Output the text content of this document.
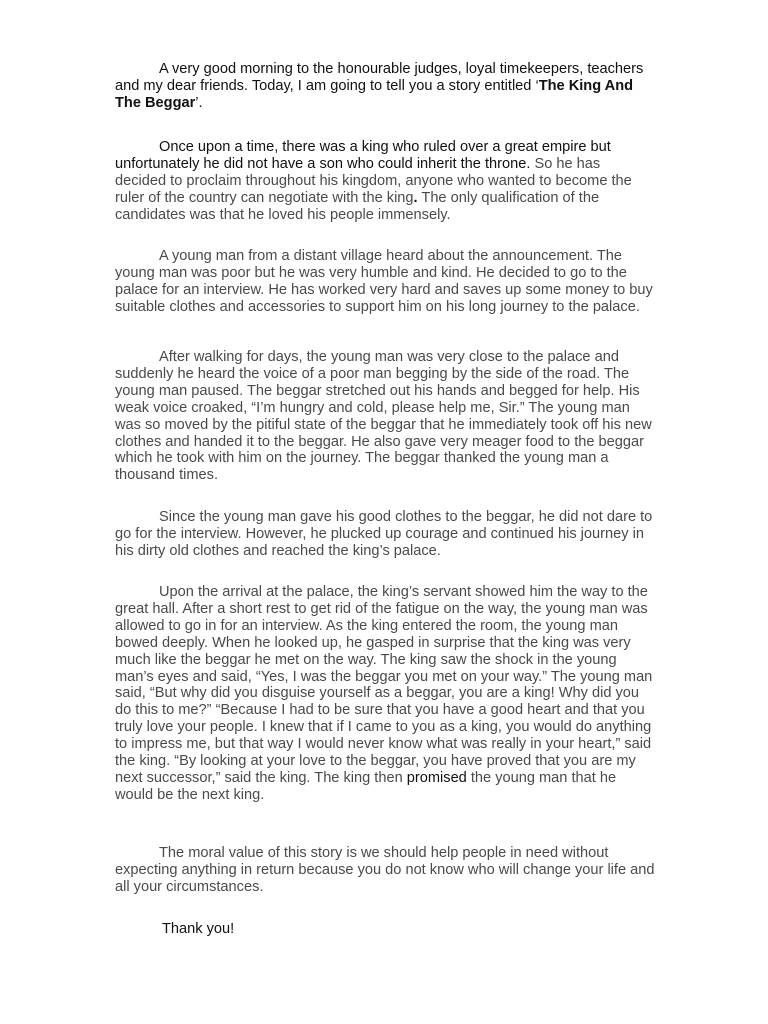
A very good morning to the honourable judges, loyal timekeepers, teachers and my dear friends. Today, I am going to tell you a story entitled ‘The King And The Beggar’.

Once upon a time, there was a king who ruled over a great empire but unfortunately he did not have a son who could inherit the throne. So he has decided to proclaim throughout his kingdom, anyone who wanted to become the ruler of the country can negotiate with the king. The only qualification of the candidates was that he loved his people immensely.

A young man from a distant village heard about the announcement. The young man was poor but he was very humble and kind. He decided to go to the palace for an interview. He has worked very hard and saves up some money to buy suitable clothes and accessories to support him on his long journey to the palace.

After walking for days, the young man was very close to the palace and suddenly he heard the voice of a poor man begging by the side of the road. The young man paused. The beggar stretched out his hands and begged for help. His weak voice croaked, “I’m hungry and cold, please help me, Sir.” The young man was so moved by the pitiful state of the beggar that he immediately took off his new clothes and handed it to the beggar. He also gave very meager food to the beggar which he took with him on the journey. The beggar thanked the young man a thousand times.

Since the young man gave his good clothes to the beggar, he did not dare to go for the interview. However, he plucked up courage and continued his journey in his dirty old clothes and reached the king’s palace.

Upon the arrival at the palace, the king’s servant showed him the way to the great hall. After a short rest to get rid of the fatigue on the way, the young man was allowed to go in for an interview. As the king entered the room, the young man bowed deeply. When he looked up, he gasped in surprise that the king was very much like the beggar he met on the way. The king saw the shock in the young man’s eyes and said, “Yes, I was the beggar you met on your way.” The young man said, “But why did you disguise yourself as a beggar, you are a king! Why did you do this to me?” “Because I had to be sure that you have a good heart and that you truly love your people. I knew that if I came to you as a king, you would do anything to impress me, but that way I would never know what was really in your heart,” said the king. “By looking at your love to the beggar, you have proved that you are my next successor,” said the king. The king then promised the young man that he would be the next king.

The moral value of this story is we should help people in need without expecting anything in return because you do not know who will change your life and all your circumstances.

Thank you!
